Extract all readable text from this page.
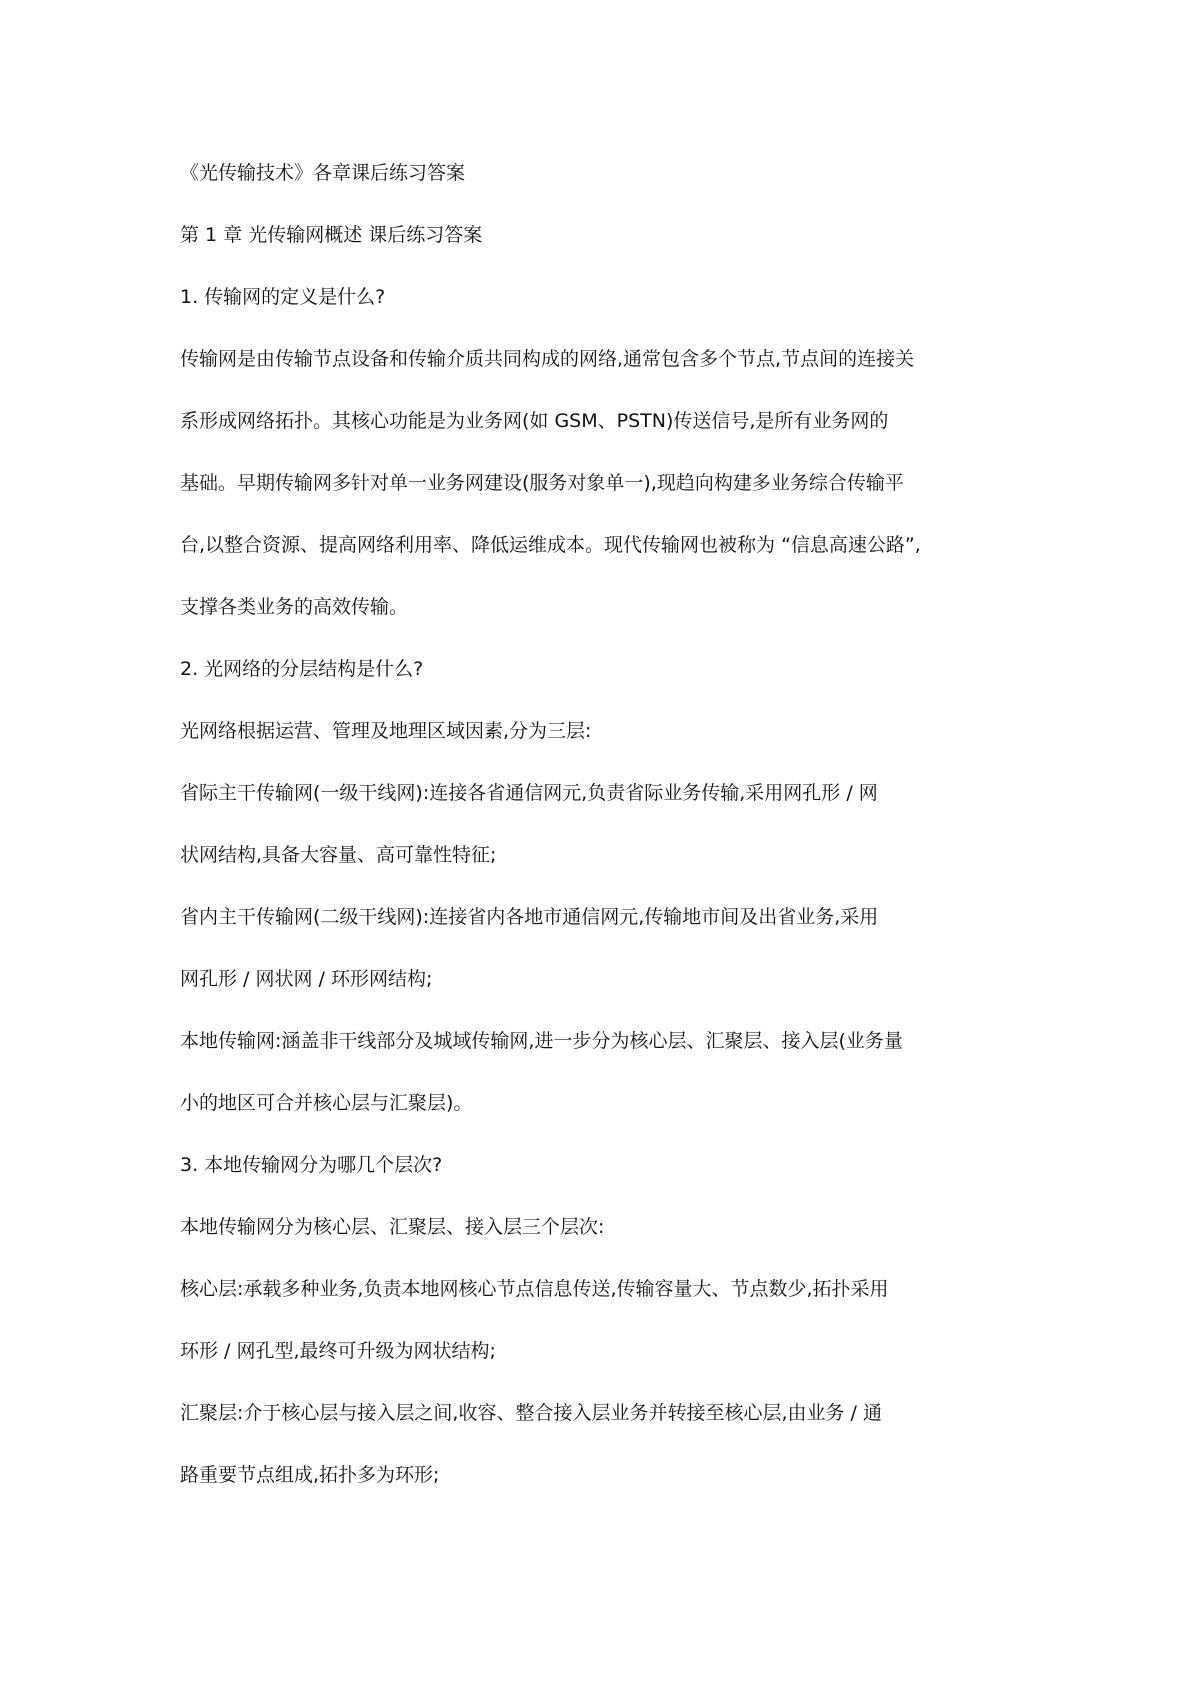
《光传输技术》各章课后练习答案
第 1 章 光传输网概述 课后练习答案
1. 传输网的定义是什么?
传输网是由传输节点设备和传输介质共同构成的网络,通常包含多个节点,节点间的连接关
系形成网络拓扑。其核心功能是为业务网(如 GSM、PSTN)传送信号,是所有业务网的
基础。早期传输网多针对单一业务网建设(服务对象单一),现趋向构建多业务综合传输平
台,以整合资源、提高网络利用率、降低运维成本。现代传输网也被称为 “信息高速公路”,
支撑各类业务的高效传输。
2. 光网络的分层结构是什么?
光网络根据运营、管理及地理区域因素,分为三层:
省际主干传输网(一级干线网):连接各省通信网元,负责省际业务传输,采用网孔形 / 网
状网结构,具备大容量、高可靠性特征;
省内主干传输网(二级干线网):连接省内各地市通信网元,传输地市间及出省业务,采用
网孔形 / 网状网 / 环形网结构;
本地传输网:涵盖非干线部分及城域传输网,进一步分为核心层、汇聚层、接入层(业务量
小的地区可合并核心层与汇聚层)。
3. 本地传输网分为哪几个层次?
本地传输网分为核心层、汇聚层、接入层三个层次:
核心层:承载多种业务,负责本地网核心节点信息传送,传输容量大、节点数少,拓扑采用
环形 / 网孔型,最终可升级为网状结构;
汇聚层:介于核心层与接入层之间,收容、整合接入层业务并转接至核心层,由业务 / 通
路重要节点组成,拓扑多为环形;
